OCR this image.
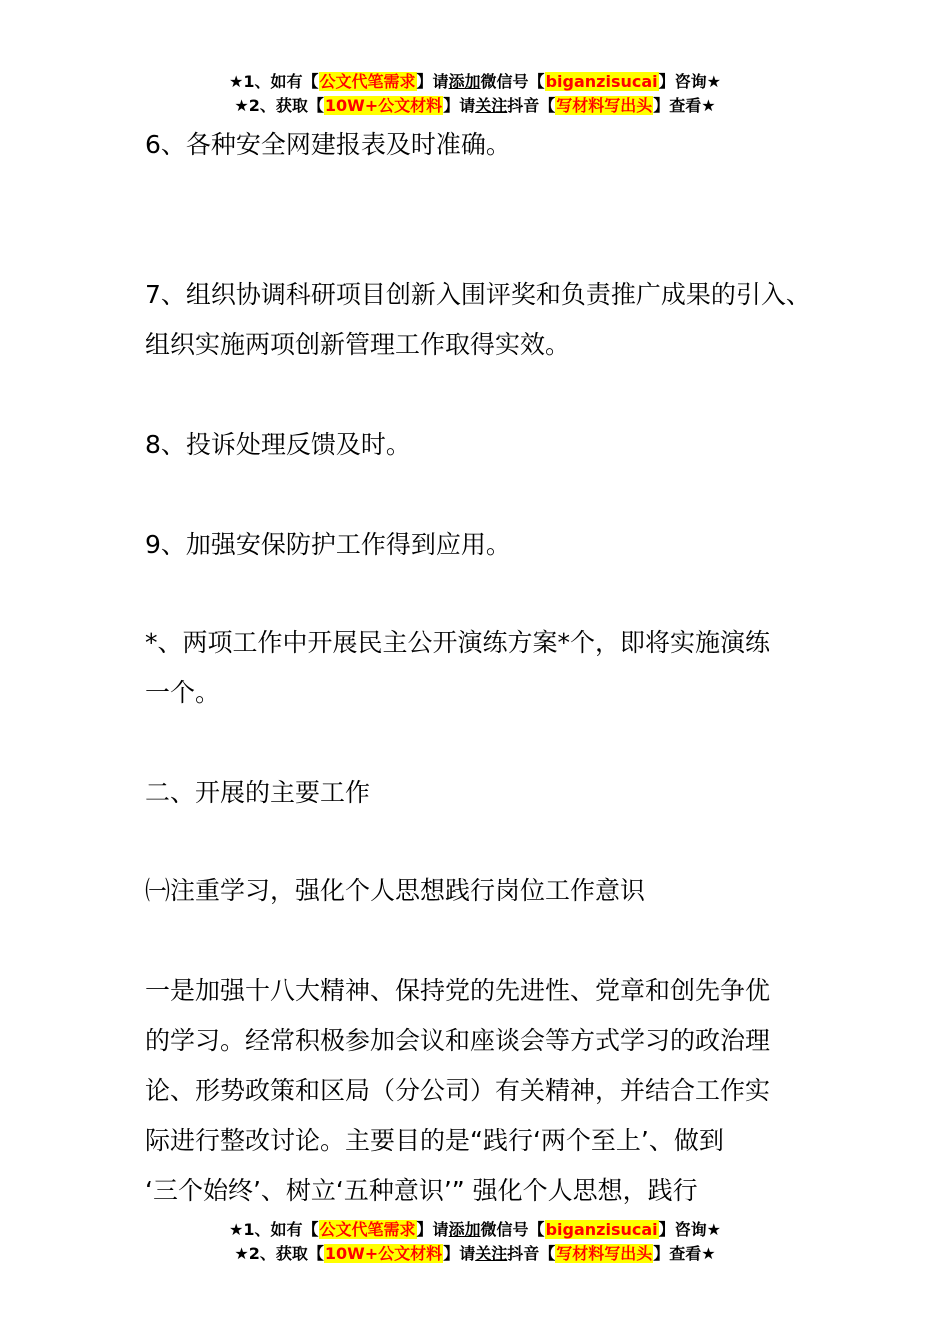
★1、如有【公文代笔需求】请添加微信号【biganzisucai】咨询★
★2、获取【10W+公文材料】请关注抖音【写材料写出头】查看★
6、各种安全网建报表及时准确。
7、组织协调科研项目创新入围评奖和负责推广成果的引入、
组织实施两项创新管理工作取得实效。
8、投诉处理反馈及时。
9、加强安保防护工作得到应用。
*、两项工作中开展民主公开演练方案*个，即将实施演练
一个。
二、开展的主要工作
㈠注重学习，强化个人思想践行岗位工作意识
一是加强十八大精神、保持党的先进性、党章和创先争优
的学习。经常积极参加会议和座谈会等方式学习的政治理
论、形势政策和区局（分公司）有关精神，并结合工作实
际进行整改讨论。主要目的是“践行‘两个至上’、做到
‘三个始终’、树立‘五种意识’” 强化个人思想，践行
★1、如有【公文代笔需求】请添加微信号【biganzisucai】咨询★
★2、获取【10W+公文材料】请关注抖音【写材料写出头】查看★
